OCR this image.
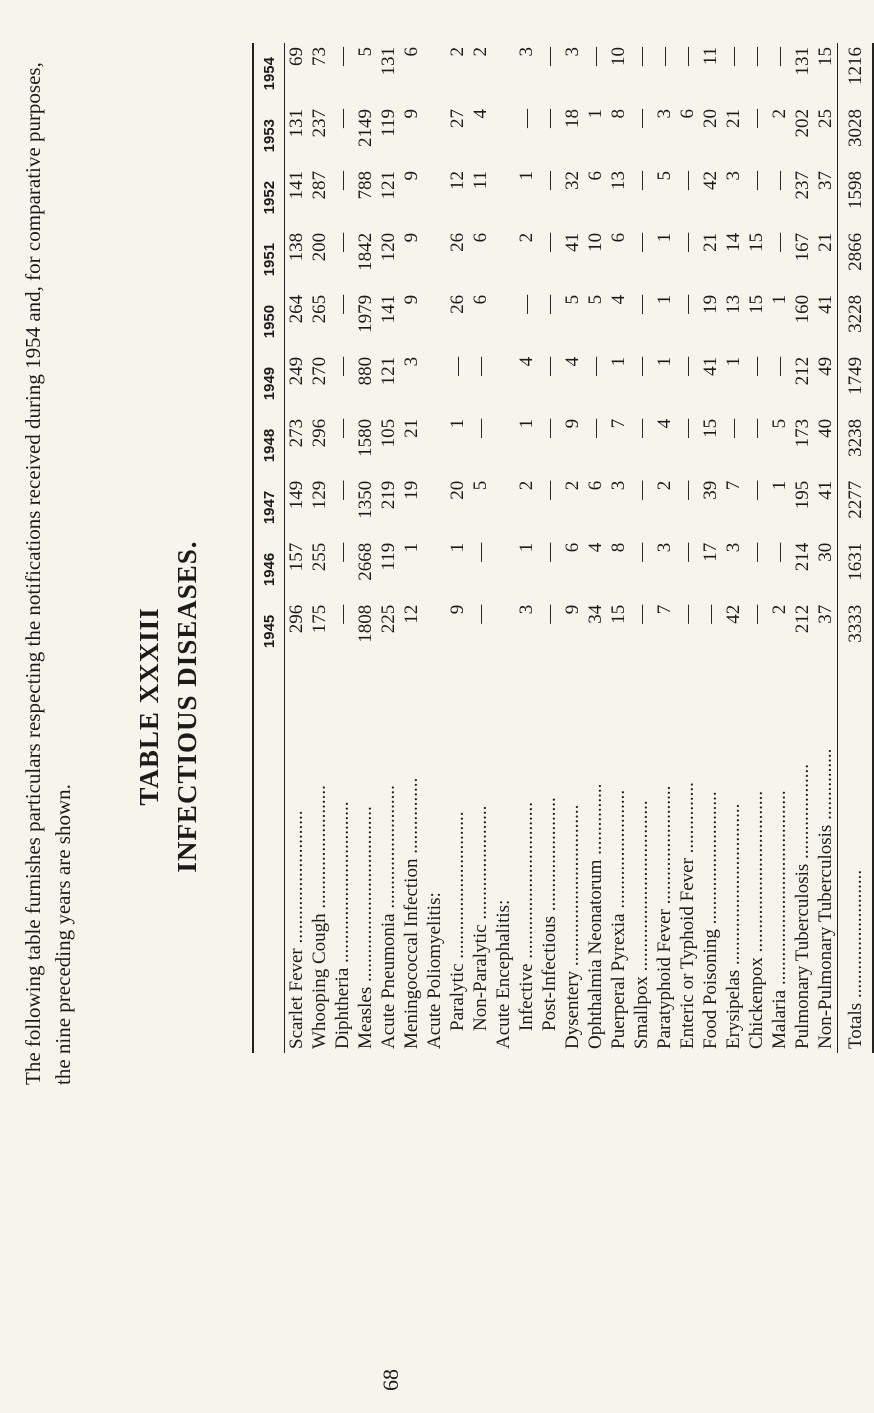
TABLE XXXIII INFECTIOUS DISEASES.
The following table furnishes particulars respecting the notifications received during 1954 and, for comparative purposes, the nine preceding years are shown.
	1945	1946	1947	1948	1949	1950	1951	1952	1953	1954
Scarlet Fever ............................	296	157	149	273	249	264	138	141	131	69
Whooping Cough ..........................	175	255	129	296	270	265	200	287	237	73
Diphtheria ..................................	—	—	—	—	—	—	—	—	—	—
Measles .....................................	1808	2668	1350	1580	880	1979	1842	788	2149	5
Acute Pneumonia ..........................	225	119	219	105	121	141	120	121	119	131
Meningococcal Infection ................	12	1	19	21	3	9	9	9	9	6
Acute Poliomyelitis:										
Paralytic ...............................	9	1	20	1	—	26	26	12	27	2
Non-Paralytic ........................	—	—	5	—	—	6	6	11	4	2
Acute Encephalitis:										
Infective .................................	3	1	2	1	4	—	2	1	—	3
Post-Infectious ........................	—	—	—	—	—	—	—	—	—	—
Dysentery ..................................	9	6	2	9	4	5	41	32	18	3
Ophthalmia Neonatorum ...............	34	4	6	—	—	5	10	6	1	—
Puerperal Pyrexia .........................	15	8	3	7	1	4	6	13	8	10
Smallpox ....................................	—	—	—	—	—	—	—	—	—	—
Paratyphoid Fever .........................	7	3	2	4	1	1	1	5	3	—
Enteric or Typhoid Fever ...............	—	—	—	—	—	—	—	—	6	—
Food Poisoning ............................	—	17	39	15	41	19	21	42	20	11
Erysipelas ..................................	42	3	7	—	1	13	14	3	21	—
Chickenpox ..................................	—	—	—	—	—	15	15	—	—	—
Malaria .........................................	2	—	1	5	—	1	—	—	2	—
Pulmonary Tuberculosis ....................	212	214	195	173	212	160	167	237	202	131
Non-Pulmonary Tuberculosis ...............	37	30	41	40	49	41	21	37	25	15
Totals ...........................	3333	1631	2277	3238	1749	3228	2866	1598	3028	1216
68
